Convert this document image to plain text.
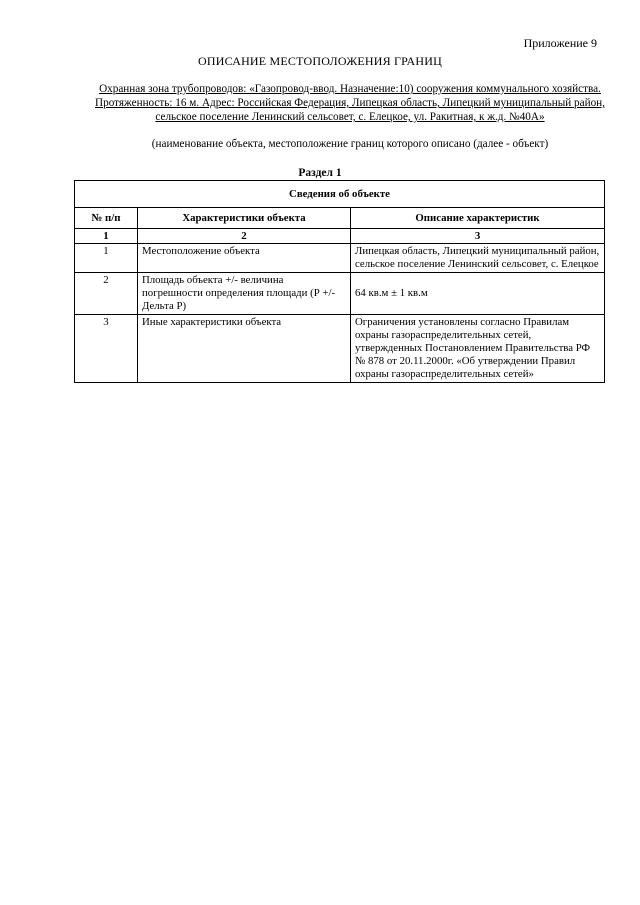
Приложение 9
ОПИСАНИЕ МЕСТОПОЛОЖЕНИЯ ГРАНИЦ
Охранная зона трубопроводов: «Газопровод-ввод. Назначение:10) сооружения коммунального хозяйства. Протяженность: 16 м. Адрес: Российская Федерация, Липецкая область, Липецкий муниципальный район, сельское поселение Ленинский сельсовет, с. Елецкое, ул. Ракитная, к ж.д. №40А»
(наименование объекта, местоположение границ которого описано (далее - объект)
Раздел 1
Сведения об объекте		
№ п/п	Характеристики объекта	Описание характеристик
1	2	3
1	Местоположение объекта	Липецкая область, Липецкий муниципальный район, сельское поселение Ленинский сельсовет, с. Елецкое
2	Площадь объекта +/- величина погрешности определения площади (Р +/- Дельта Р)	64 кв.м ± 1 кв.м
3	Иные характеристики объекта	Ограничения установлены согласно Правилам охраны газораспределительных сетей, утвержденных Постановлением Правительства РФ № 878 от 20.11.2000г. «Об утверждении Правил охраны газораспределительных сетей»
